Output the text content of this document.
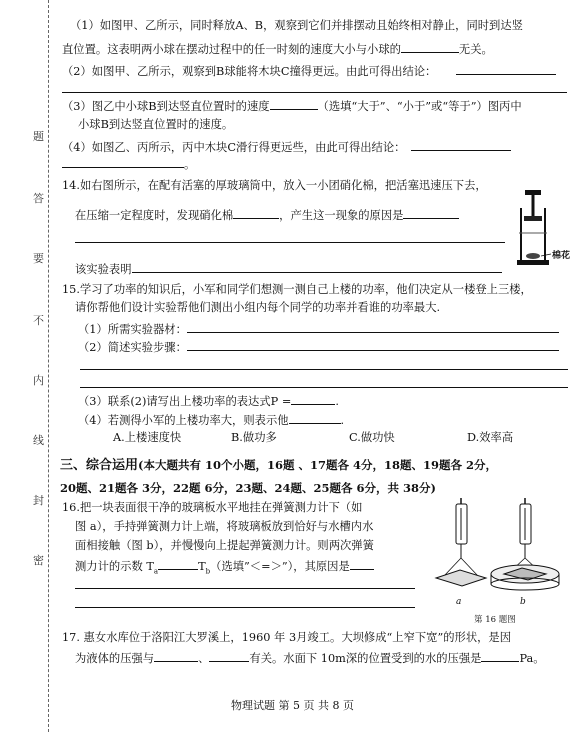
题
答
要
不
内
线
封
密
（1）如图甲、乙所示，同时释放A、B，观察到它们并排摆动且始终相对静止，同时到达竖
直位置。这表明两小球在摆动过程中的任一时刻的速度大小与小球的	无关。
（2）如图甲、乙所示，观察到B球能将木块C撞得更远。由此可得出结论：
（3）图乙中小球B到达竖直位置时的速度	（选填“大于”、“小于”或“等于”）图丙中
小球B到达竖直位置时的速度。
（4）如图乙、丙所示，丙中木块C滑行得更远些，由此可得出结论：
。
14.如右图所示，在配有活塞的厚玻璃筒中，放入一小团硝化棉，把活塞迅速压下去，
在压缩一定程度时，发现硝化棉	，产生这一现象的原因是
该实验表明
棉花
15.学习了功率的知识后，小军和同学们想测一测自己上楼的功率，他们决定从一楼登上三楼，
请你帮他们设计实验帮他们测出小组内每个同学的功率并看谁的功率最大.
（1）所需实验器材：
（2）简述实验步骤：
（3）联系(2)请写出上楼功率的表达式P =	.
（4）若测得小军的上楼功率大，则表示他	.
A.上楼速度快	B.做功多	C.做功快	D.效率高
三、综合运用(本大题共有 10个小题，16题 、17题各 4分，18题、19题各 2分，
20题、21题各 3分，22题 6分，23题、24题、25题各 6分，共 38分)
16.把一块表面很干净的玻璃板水平地挂在弹簧测力计下（如
图 a），手持弹簧测力计上端，将玻璃板放到恰好与水槽内水
面相接触（图 b），并慢慢向上提起弹簧测力计。则两次弹簧
测力计的示数 $T_a$	$T_b$（选填”＜=＞”），其原因是
a	b
第 16 题图
17. 惠女水库位于洛阳江大罗溪上，1960 年 3月竣工。大坝修成“上窄下宽”的形状，是因
为液体的压强与	、	有关。水面下 10m深的位置受到的水的压强是	Pa。
物理试题 第 5 页 共 8 页
